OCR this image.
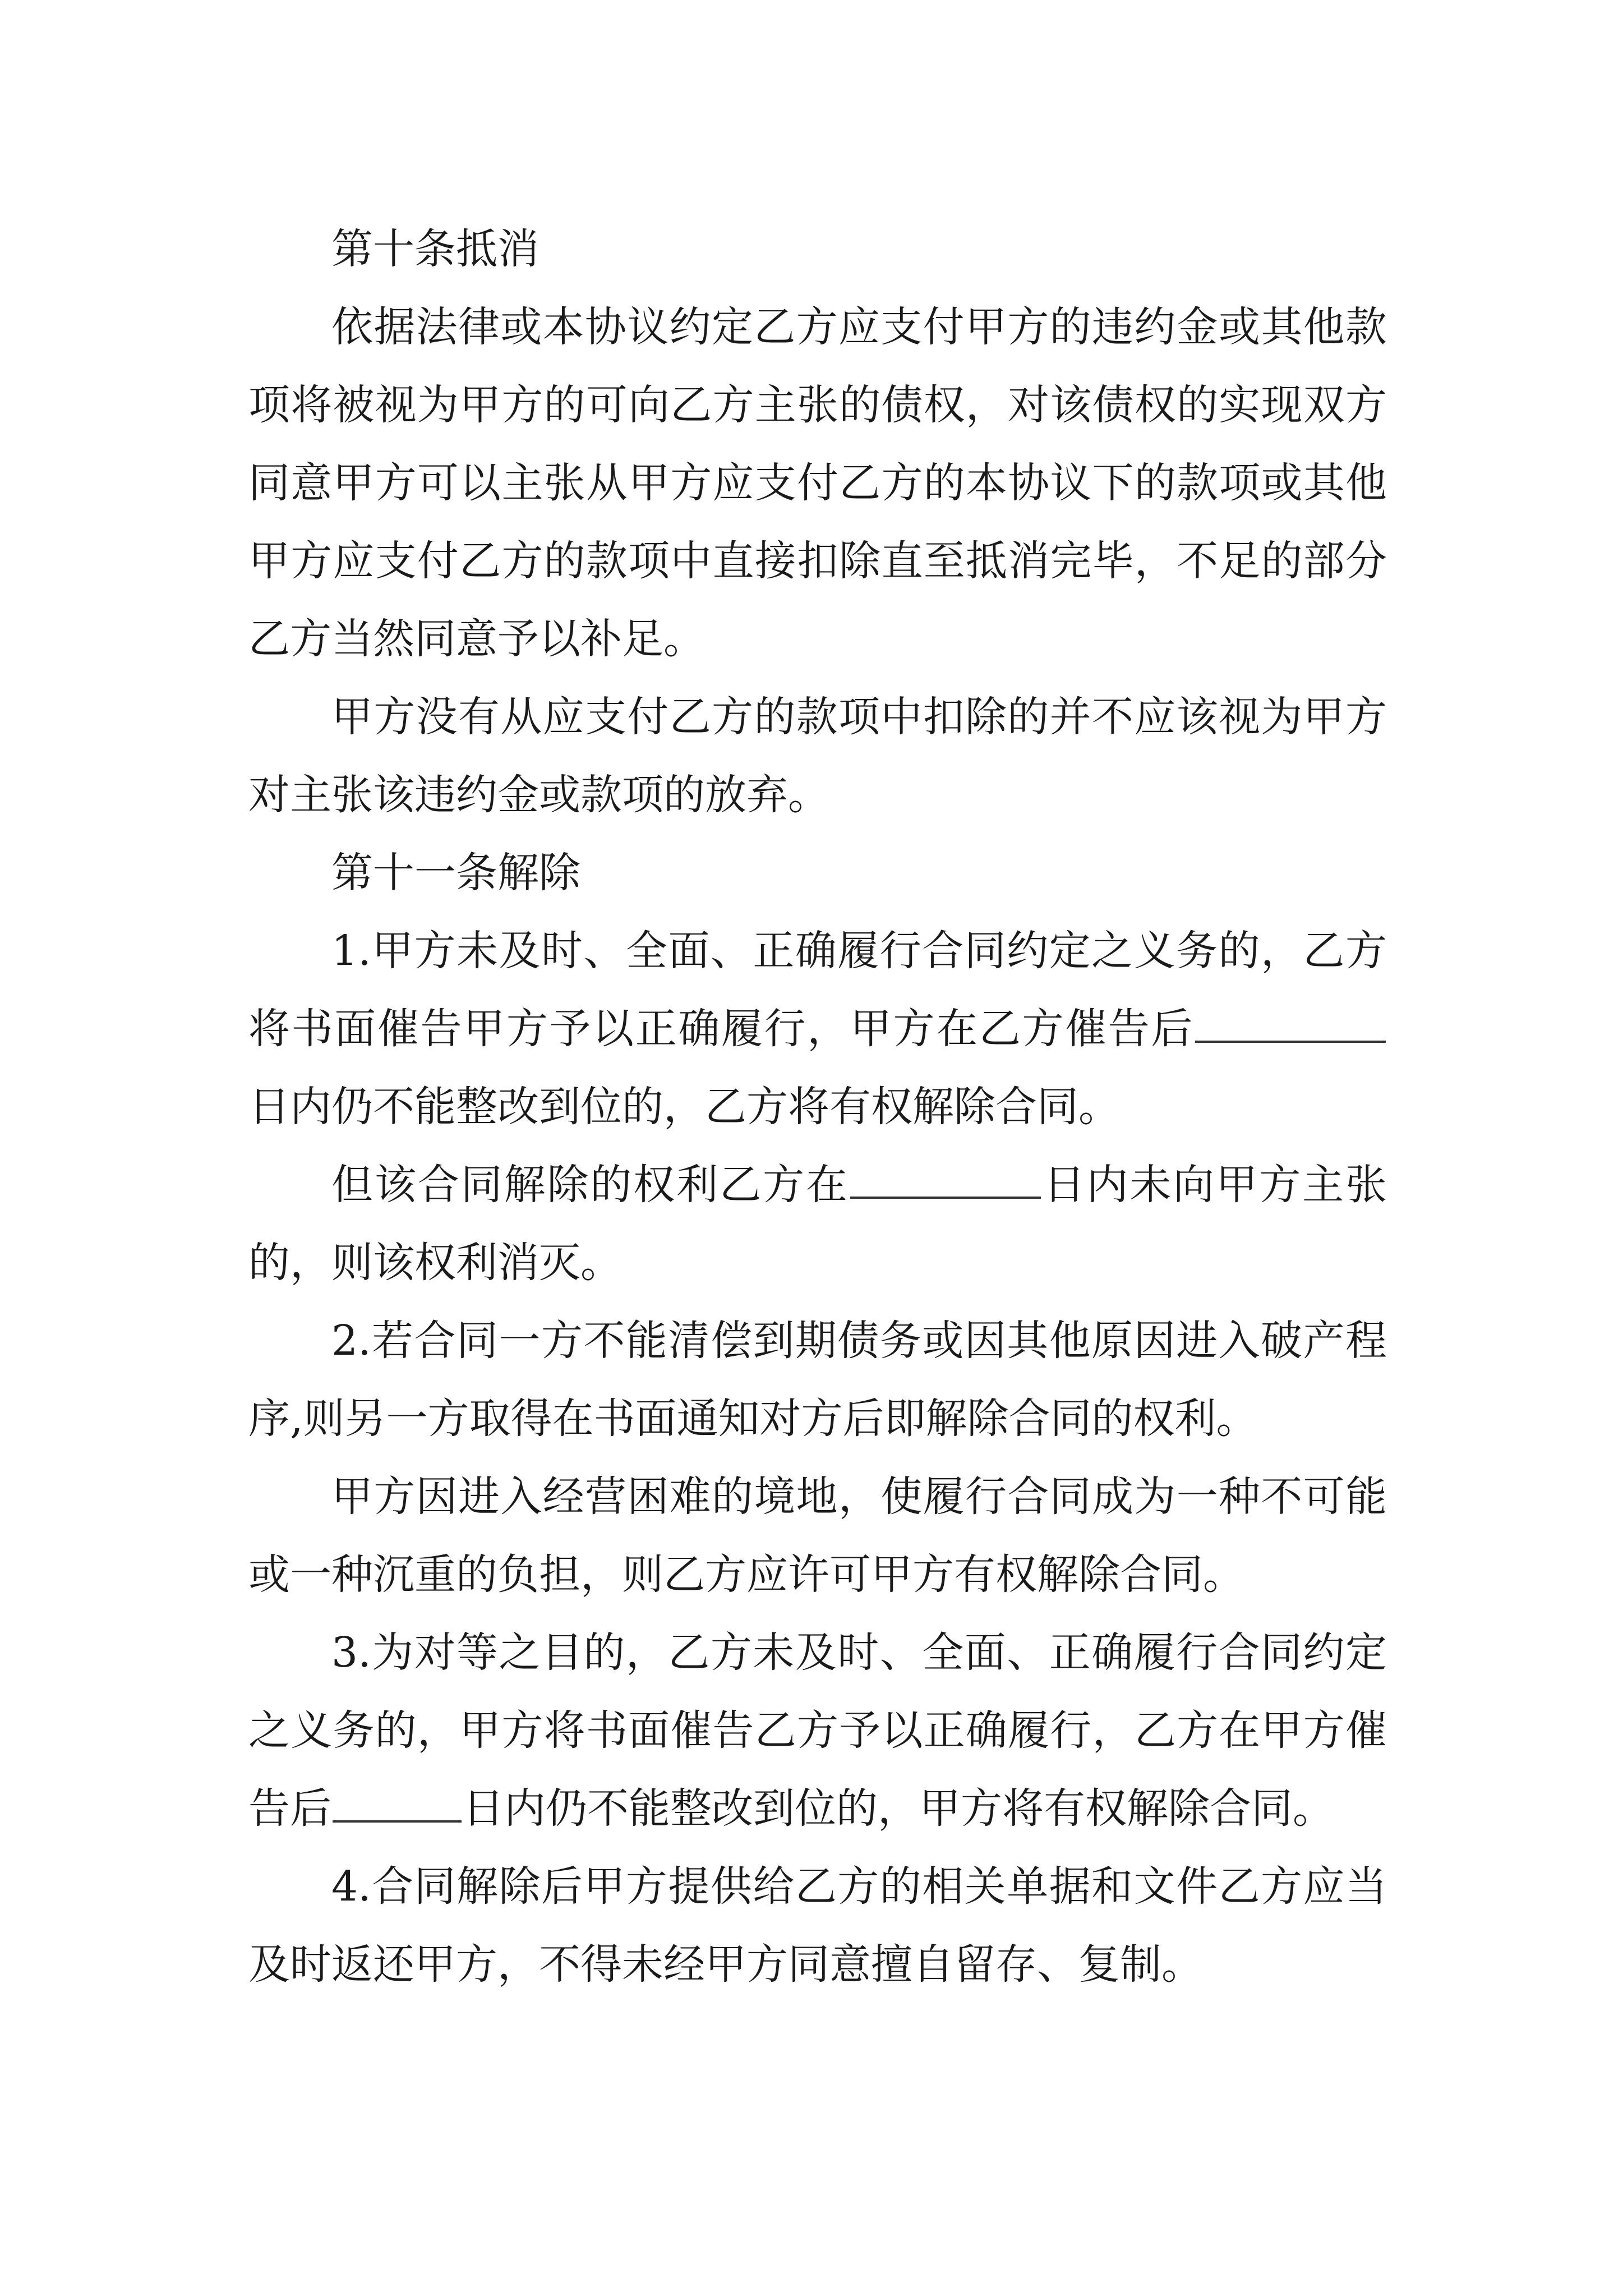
第十条抵消

依据法律或本协议约定乙方应支付甲方的违约金或其他款项将被视为甲方的可向乙方主张的债权，对该债权的实现双方同意甲方可以主张从甲方应支付乙方的本协议下的款项或其他甲方应支付乙方的款项中直接扣除直至抵消完毕，不足的部分乙方当然同意予以补足。

甲方没有从应支付乙方的款项中扣除的并不应该视为甲方对主张该违约金或款项的放弃。

第十一条解除

1.甲方未及时、全面、正确履行合同约定之义务的，乙方将书面催告甲方予以正确履行，甲方在乙方催告后日内仍不能整改到位的，乙方将有权解除合同。

但该合同解除的权利乙方在	日内未向甲方主张的，则该权利消灭。

2.若合同一方不能清偿到期债务或因其他原因进入破产程序,则另一方取得在书面通知对方后即解除合同的权利。

甲方因进入经营困难的境地，使履行合同成为一种不可能或一种沉重的负担，则乙方应许可甲方有权解除合同。

3.为对等之目的，乙方未及时、全面、正确履行合同约定之义务的，甲方将书面催告乙方予以正确履行，乙方在甲方催告后	日内仍不能整改到位的，甲方将有权解除合同。

4.合同解除后甲方提供给乙方的相关单据和文件乙方应当及时返还甲方，不得未经甲方同意擅自留存、复制。
